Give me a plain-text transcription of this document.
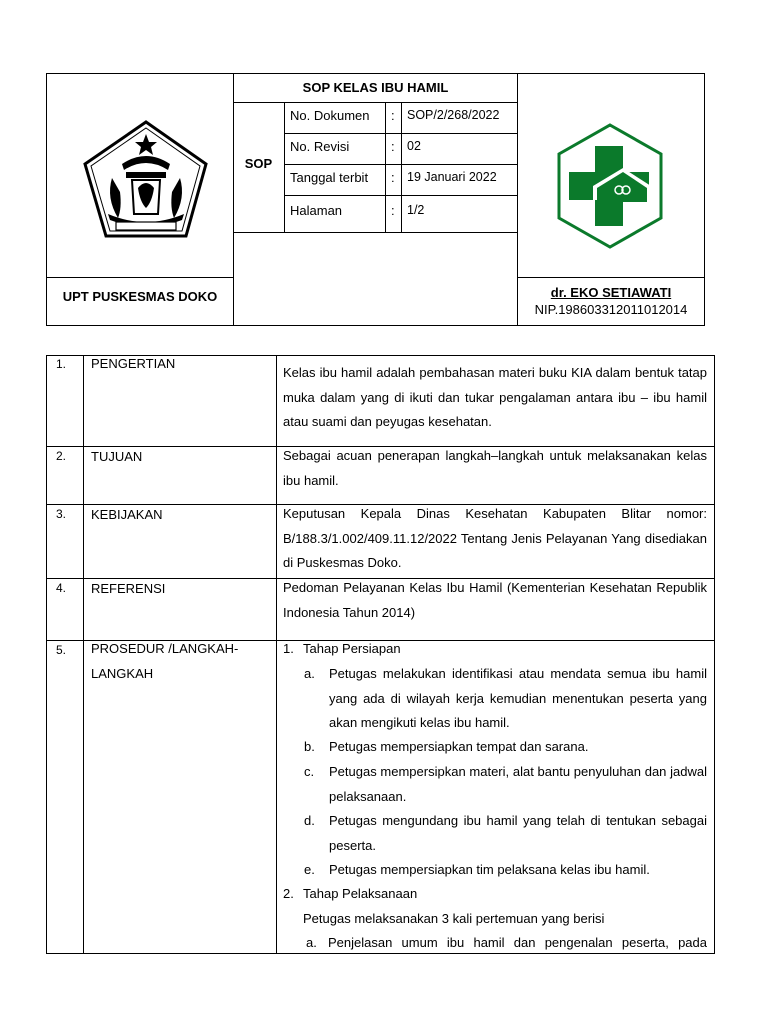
SOP KELAS IBU HAMIL
SOP
No. Dokumen : SOP/2/268/2022
No. Revisi	: 02
Tanggal terbit : 19 Januari 2022
Halaman	: 1/2
UPT PUSKESMAS DOKO	dr. EKO SETIAWATI
NIP.198603312011012014
1. PENGERTIAN
Kelas ibu hamil adalah pembahasan materi buku KIA dalam bentuk tatap muka dalam yang di ikuti dan tukar pengalaman antara ibu – ibu hamil atau suami dan peyugas kesehatan.
2. TUJUAN	Sebagai acuan penerapan langkah–langkah untuk melaksanakan kelas ibu hamil.
3. KEBIJAKAN	Keputusan Kepala Dinas Kesehatan Kabupaten Blitar nomor: B/188.3/1.002/409.11.12/2022 Tentang Jenis Pelayanan Yang disediakan di Puskesmas Doko.
4. REFERENSI	Pedoman Pelayanan Kelas Ibu Hamil (Kementerian Kesehatan Republik Indonesia Tahun 2014)
5. PROSEDUR /LANGKAH-
LANGKAH
1. Tahap Persiapan
a. Petugas melakukan identifikasi atau mendata semua ibu hamil yang ada di wilayah kerja kemudian menentukan peserta yang akan mengikuti kelas ibu hamil.
b. Petugas mempersiapkan tempat dan sarana.
c. Petugas mempersipkan materi, alat bantu penyuluhan dan jadwal pelaksanaan.
d. Petugas mengundang ibu hamil yang telah di tentukan sebagai peserta.
e. Petugas mempersiapkan tim pelaksana kelas ibu hamil.
2. Tahap Pelaksanaan
Petugas melaksanakan 3 kali pertemuan yang berisi
a. Penjelasan umum ibu hamil dan pengenalan peserta, pada
